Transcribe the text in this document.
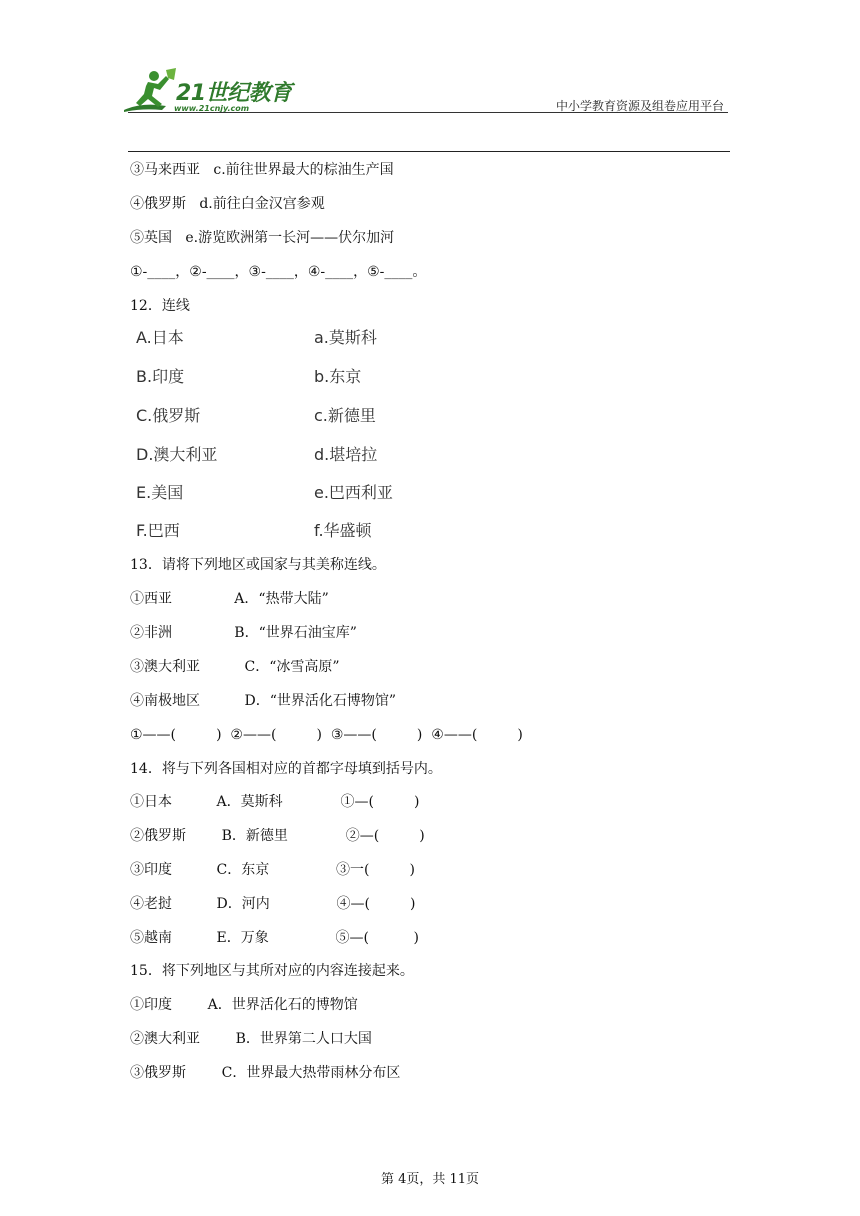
21世纪教育
www.21cnjy.com	中小学教育资源及组卷应用平台
③马来西亚   c.前往世界最大的棕油生产国
④俄罗斯   d.前往白金汉宫参观
⑤英国   e.游览欧洲第一长河——伏尔加河
①-____，②-____，③-____，④-____，⑤-____。
12．连线
A.日本	a.莫斯科
B.印度	b.东京
C.俄罗斯	c.新德里
D.澳大利亚	d.堪培拉
E.美国	e.巴西利亚
F.巴西	f.华盛顿
13．请将下列地区或国家与其美称连线。
①西亚              A．“热带大陆”
②非洲              B．“世界石油宝库”
③澳大利亚          C．“冰雪高原”
④南极地区          D．“世界活化石博物馆”
①——(         )  ②——(         )  ③——(         )  ④——(         )
14．将与下列各国相对应的首都字母填到括号内。
①日本          A．莫斯科             ①—(         )
②俄罗斯        B．新德里             ②—(         )
③印度          C．东京               ③一(         )
④老挝          D．河内               ④—(         )
⑤越南          E．万象               ⑤—(          )
15．将下列地区与其所对应的内容连接起来。
①印度        A．世界活化石的博物馆
②澳大利亚        B．世界第二人口大国
③俄罗斯        C．世界最大热带雨林分布区
第 4页，共 11页
